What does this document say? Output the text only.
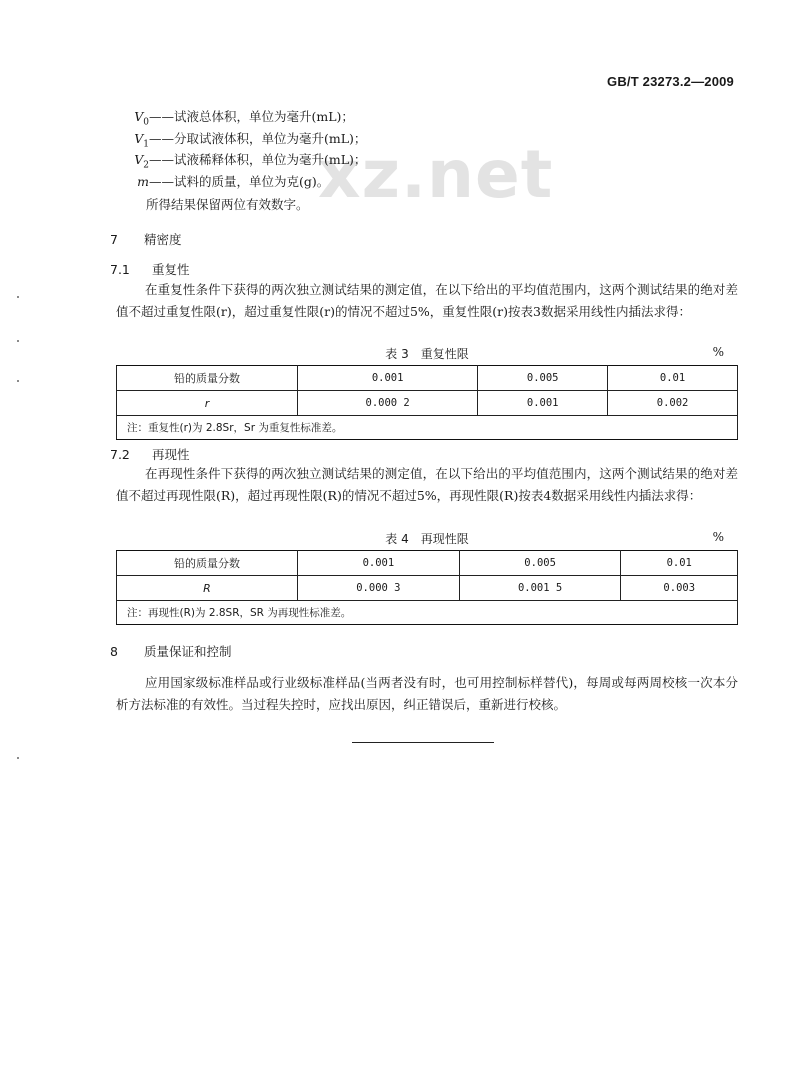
GB/T 23273.2—2009
xz.net
$V_0——$试液总体积，单位为毫升(mL)；
$V_1——$分取试液体积，单位为毫升(mL)；
$V_2——$试液稀释体积，单位为毫升(mL)；
m——试料的质量，单位为克(g)。
所得结果保留两位有效数字。
7 精密度
7.1 重复性
在重复性条件下获得的两次独立测试结果的测定值，在以下给出的平均值范围内，这两个测试结果的绝对差值不超过重复性限(r)，超过重复性限(r)的情况不超过5%，重复性限(r)按表3数据采用线性内插法求得：
表 3　重复性限	%
铅的质量分数	0.001	0.005	0.01
r	0.000 2	0.001	0.002
注：重复性(r)为 2.8Sr，Sr 为重复性标准差。			
7.2 再现性
在再现性条件下获得的两次独立测试结果的测定值，在以下给出的平均值范围内，这两个测试结果的绝对差值不超过再现性限(R)，超过再现性限(R)的情况不超过5%，再现性限(R)按表4数据采用线性内插法求得：
表 4　再现性限	%
铅的质量分数	0.001	0.005	0.01
R	0.000 3	0.001 5	0.003
注：再现性(R)为 2.8SR，SR 为再现性标准差。			
8 质量保证和控制
应用国家级标准样品或行业级标准样品(当两者没有时，也可用控制标样替代)，每周或每两周校核一次本分析方法标准的有效性。当过程失控时，应找出原因，纠正错误后，重新进行校核。
